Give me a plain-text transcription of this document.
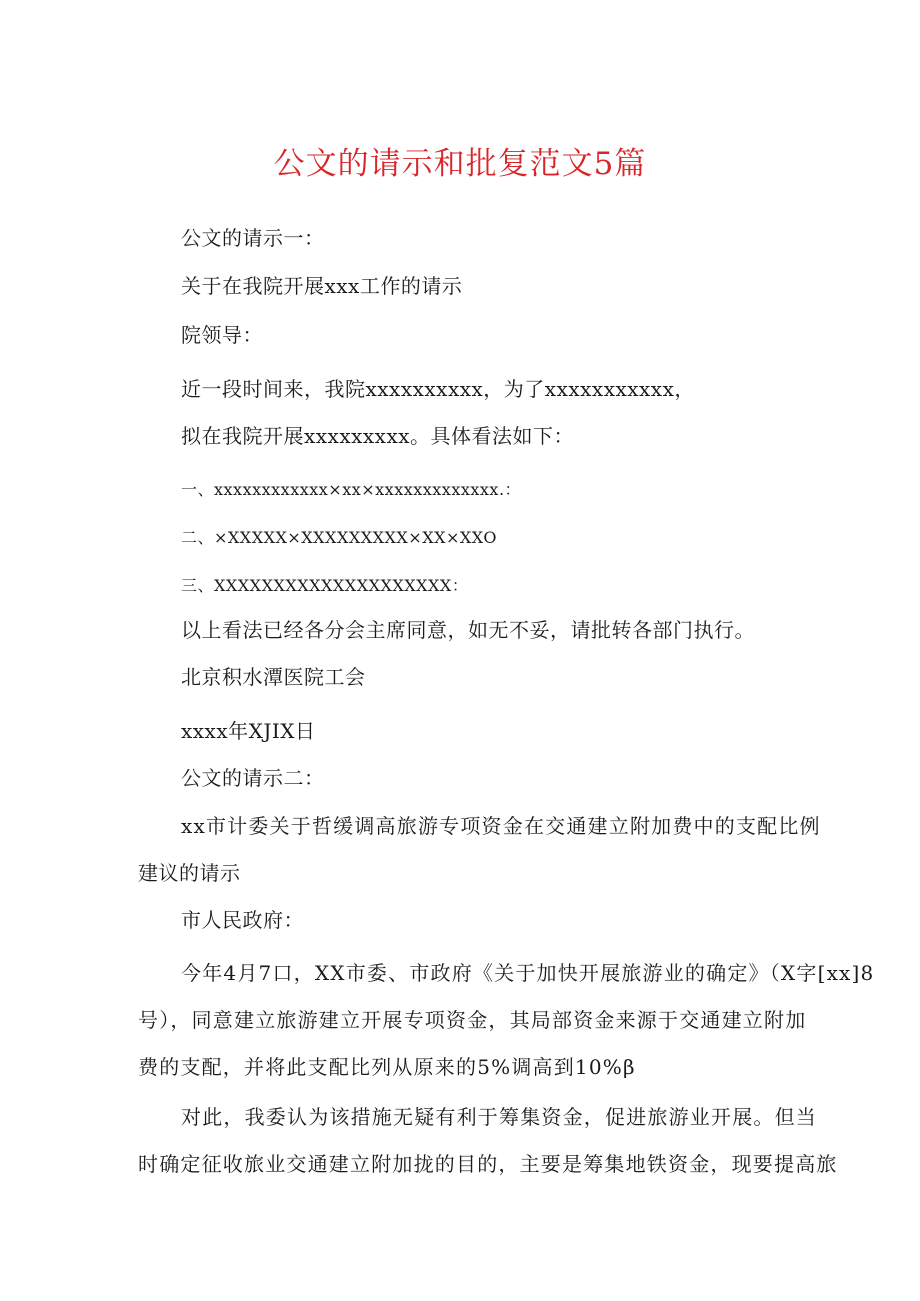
公文的请示和批复范文5篇
公文的请示一：
关于在我院开展xxx工作的请示
院领导：
近一段时间来，我院xxxxxxxxxx，为了xxxxxxxxxxx，
拟在我院开展xxxxxxxxx。具体看法如下：
一、xxxxxxxxxxxx×xx×xxxxxxxxxxxxx.：
二、×XXXXX×XXXXXXXXX×XX×XXO
三、XXXXXXXXXXXXXXXXXXXX：
以上看法已经各分会主席同意，如无不妥，请批转各部门执行。
北京积水潭医院工会
xxxx年XJIX日
公文的请示二：
xx市计委关于哲缓调高旅游专项资金在交通建立附加费中的支配比例
建议的请示
市人民政府：
今年4月7口，XX市委、市政府《关于加快开展旅游业的确定》（X字[xx]8
号），同意建立旅游建立开展专项资金，其局部资金来源于交通建立附加
费的支配，并将此支配比列从原来的5%调高到10%β
对此，我委认为该措施无疑有利于筹集资金，促进旅游业开展。但当
时确定征收旅业交通建立附加拢的目的，主要是筹集地铁资金，现要提高旅
